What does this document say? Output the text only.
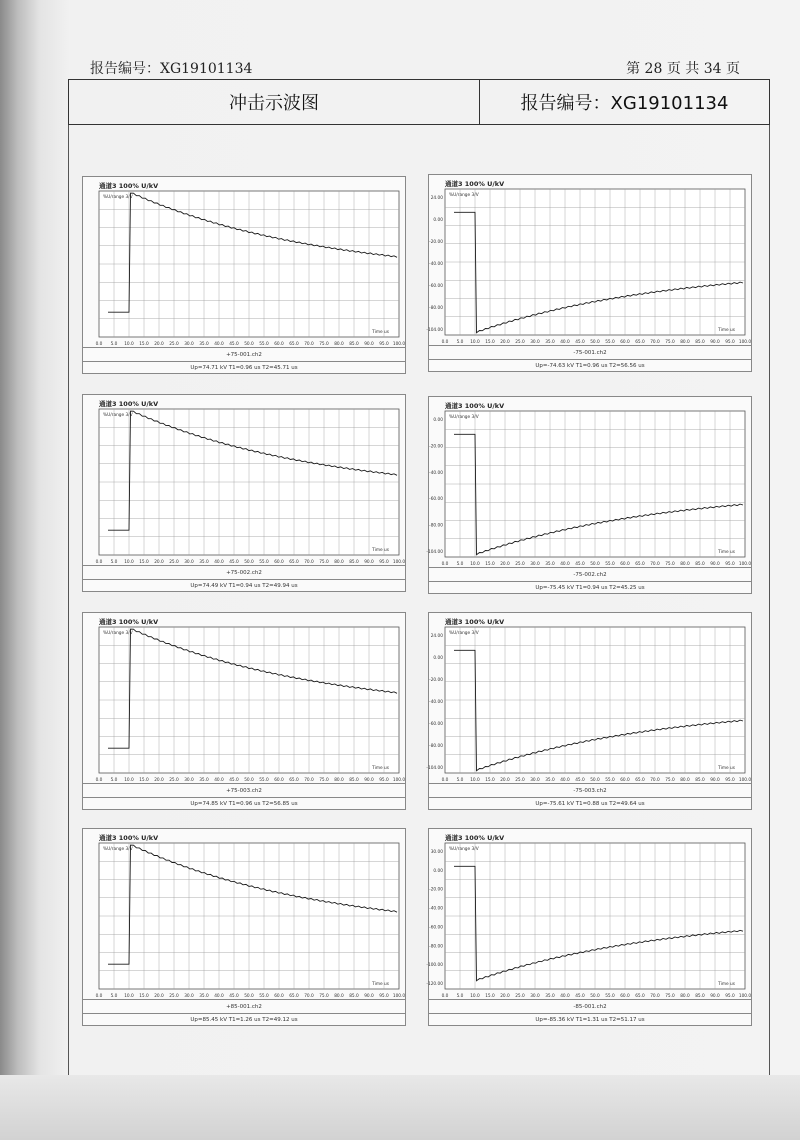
报告编号：XG19101134	第 28 页 共 34 页
冲击示波图	报告编号：XG19101134
0.0 5.0 10.0 15.0 20.0 25.0 30.0 35.0 40.0 45.0 50.0 55.0 60.0 65.0 70.0 75.0 80.0 85.0 90.0 95.0 100.0
Time us
%U/range 3/V
通道3 100% U/kV
+75-001.ch2
Up=74.71 kV T1=0.96 us T2=45.71 us
0.0 5.0 10.0 15.0 20.0 25.0 30.0 35.0 40.0 45.0 50.0 55.0 60.0 65.0 70.0 75.0 80.0 85.0 90.0 95.0 100.0
24.00
0.00
-20.00
-40.00
-60.00
-80.00
-104.00	Time us
%U/range 3/V
通道3 100% U/kV
-75-001.ch2
Up=-74.63 kV T1=0.96 us T2=56.56 us
0.0 5.0 10.0 15.0 20.0 25.0 30.0 35.0 40.0 45.0 50.0 55.0 60.0 65.0 70.0 75.0 80.0 85.0 90.0 95.0 100.0
Time us
%U/range 3/V
通道3 100% U/kV
+75-002.ch2
Up=74.49 kV T1=0.94 us T2=49.94 us
0.0 5.0 10.0 15.0 20.0 25.0 30.0 35.0 40.0 45.0 50.0 55.0 60.0 65.0 70.0 75.0 80.0 85.0 90.0 95.0 100.0
0.00
-20.00
-40.00
-60.00
-80.00
-104.00	Time us
%U/range 3/V
通道3 100% U/kV
-75-002.ch2
Up=-75.45 kV T1=0.94 us T2=45.25 us
0.0 5.0 10.0 15.0 20.0 25.0 30.0 35.0 40.0 45.0 50.0 55.0 60.0 65.0 70.0 75.0 80.0 85.0 90.0 95.0 100.0
Time us
%U/range 3/V
通道3 100% U/kV
+75-003.ch2
Up=74.85 kV T1=0.96 us T2=56.85 us
0.0 5.0 10.0 15.0 20.0 25.0 30.0 35.0 40.0 45.0 50.0 55.0 60.0 65.0 70.0 75.0 80.0 85.0 90.0 95.0 100.0
24.00
0.00
-20.00
-40.00
-60.00
-80.00
-104.00	Time us
%U/range 3/V
通道3 100% U/kV
-75-003.ch2
Up=-75.61 kV T1=0.88 us T2=49.64 us
0.0 5.0 10.0 15.0 20.0 25.0 30.0 35.0 40.0 45.0 50.0 55.0 60.0 65.0 70.0 75.0 80.0 85.0 90.0 95.0 100.0
Time us
%U/range 3/V
通道3 100% U/kV
+85-001.ch2
Up=85.45 kV T1=1.26 us T2=49.12 us
0.0 5.0 10.0 15.0 20.0 25.0 30.0 35.0 40.0 45.0 50.0 55.0 60.0 65.0 70.0 75.0 80.0 85.0 90.0 95.0 100.0
30.00
0.00
-20.00
-40.00
-60.00
-80.00
-100.00
-120.00	Time us
%U/range 3/V
通道3 100% U/kV
-85-001.ch2
Up=-85.36 kV T1=1.31 us T2=51.17 us
